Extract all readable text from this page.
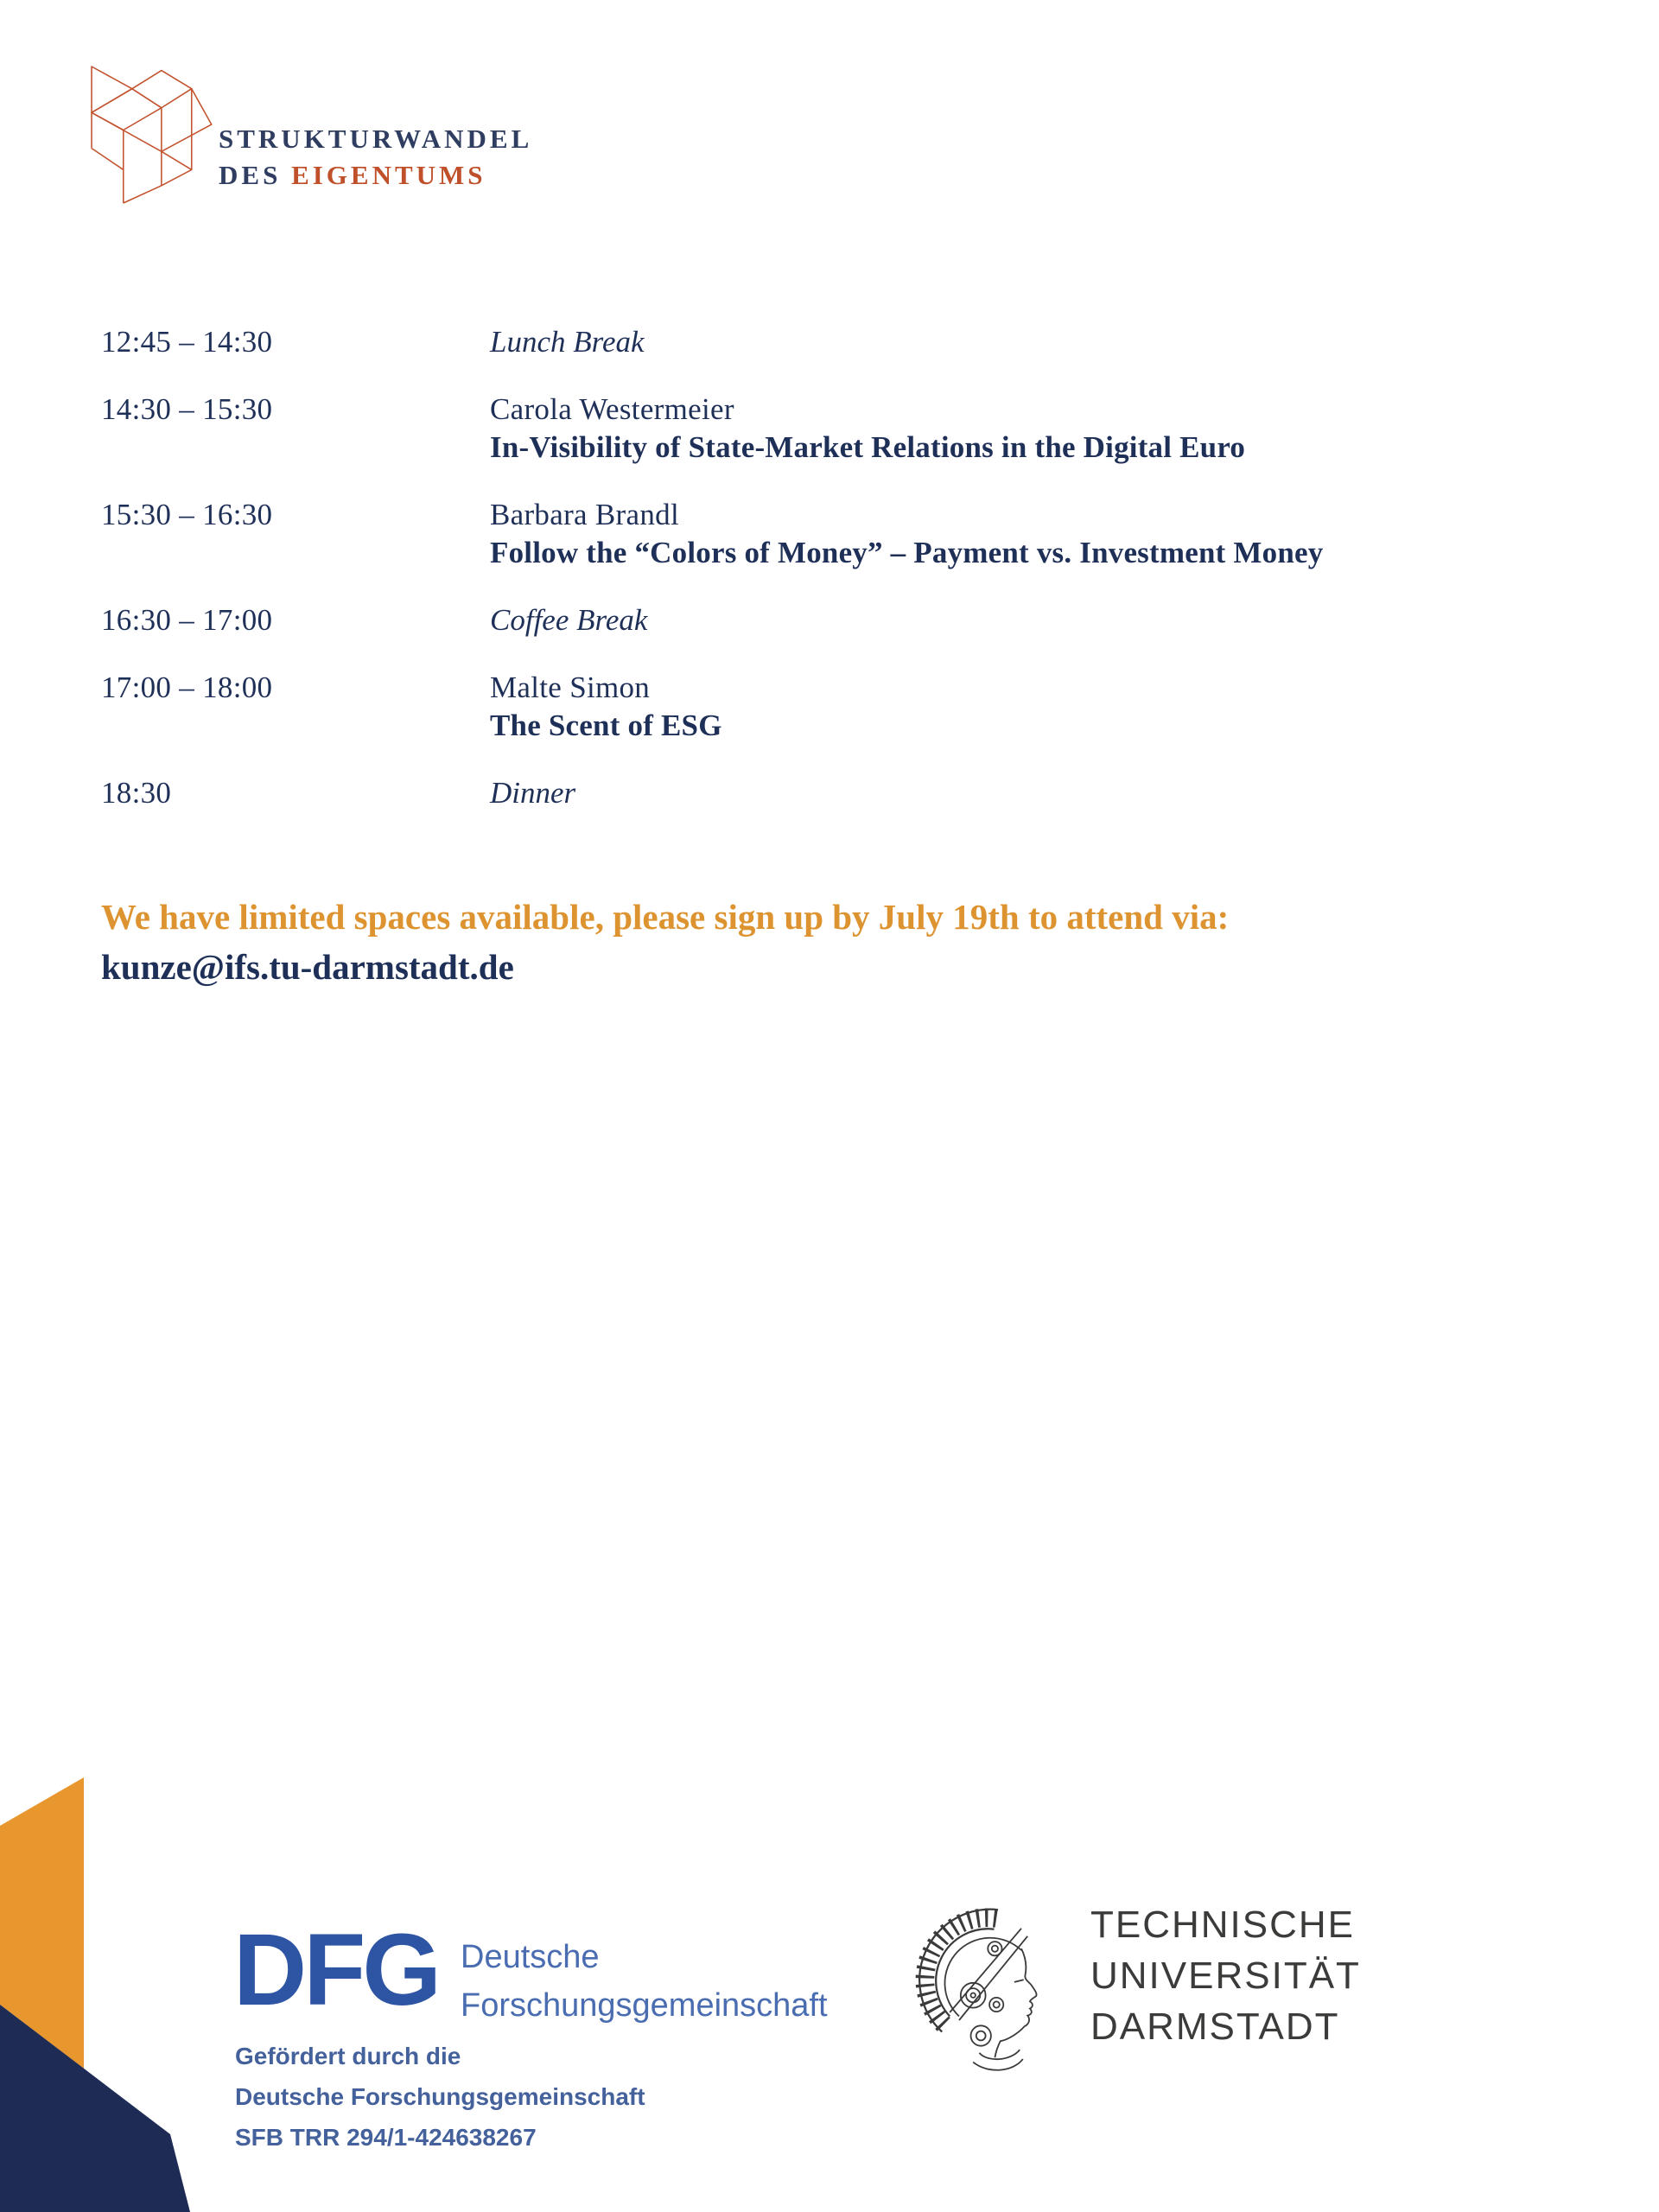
STRUKTURWANDEL
DES EIGENTUMS
12:45 – 14:30	Lunch Break
14:30 – 15:30	Carola Westermeier
In-Visibility of State-Market Relations in the Digital Euro
15:30 – 16:30	Barbara Brandl
Follow the “Colors of Money” – Payment vs. Investment Money
16:30 – 17:00	Coffee Break
17:00 – 18:00	Malte Simon
The Scent of ESG
18:30	Dinner
We have limited spaces available, please sign up by July 19th to attend via:
kunze@ifs.tu-darmstadt.de
DFG Deutsche
Forschungsgemeinschaft
Gefördert durch die
Deutsche Forschungsgemeinschaft
SFB TRR 294/1-424638267
TECHNISCHE
UNIVERSITÄT
DARMSTADT
